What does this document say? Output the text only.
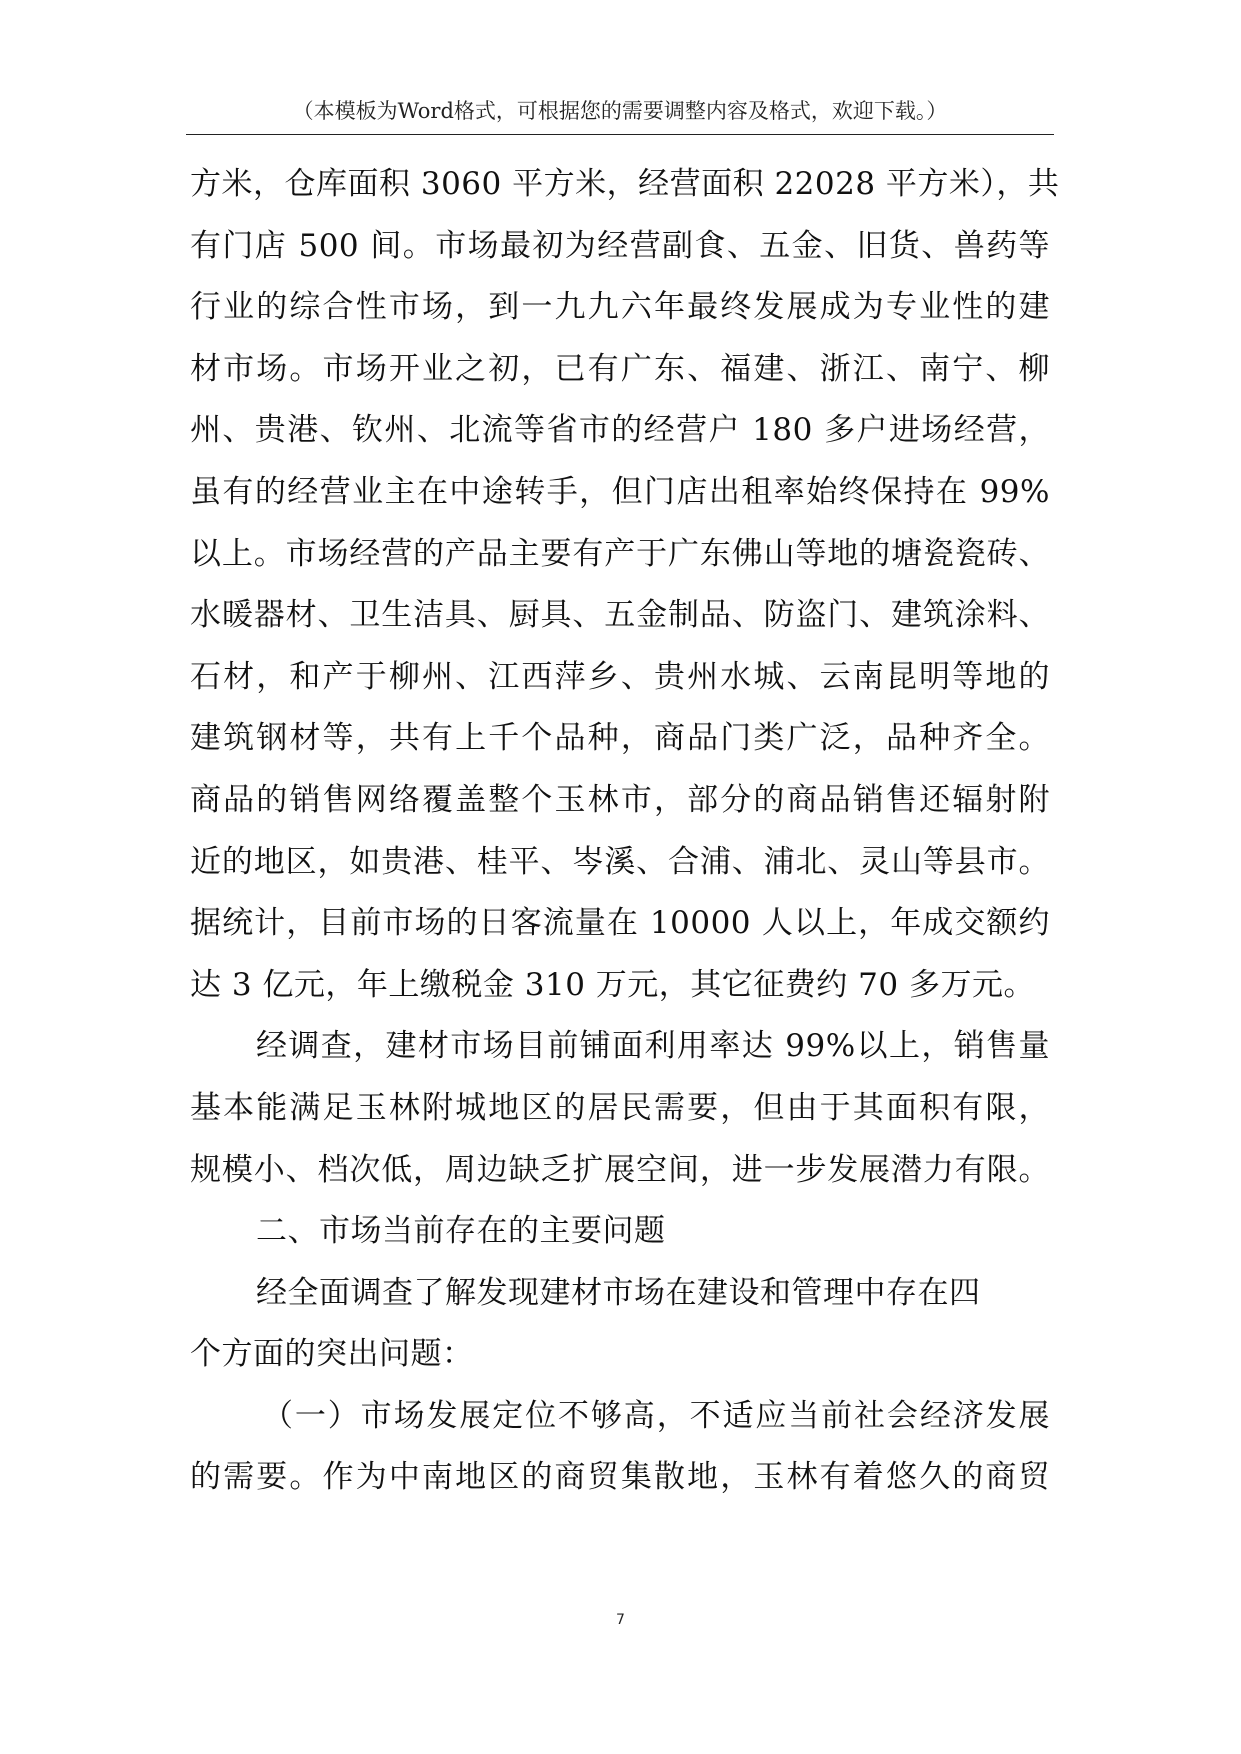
（本模板为Word格式，可根据您的需要调整内容及格式，欢迎下载。）
方米，仓库面积 3060 平方米，经营面积 22028 平方米），共
有门店 500 间。市场最初为经营副食、五金、旧货、兽药等
行业的综合性市场，到一九九六年最终发展成为专业性的建
材市场。市场开业之初，已有广东、福建、浙江、南宁、柳
州、贵港、钦州、北流等省市的经营户 180 多户进场经营，
虽有的经营业主在中途转手，但门店出租率始终保持在 99%
以上。市场经营的产品主要有产于广东佛山等地的塘瓷瓷砖、
水暖器材、卫生洁具、厨具、五金制品、防盗门、建筑涂料、
石材，和产于柳州、江西萍乡、贵州水城、云南昆明等地的
建筑钢材等，共有上千个品种，商品门类广泛，品种齐全。
商品的销售网络覆盖整个玉林市，部分的商品销售还辐射附
近的地区，如贵港、桂平、岑溪、合浦、浦北、灵山等县市。
据统计，目前市场的日客流量在 10000 人以上，年成交额约
达 3 亿元，年上缴税金 310 万元，其它征费约 70 多万元。
经调查，建材市场目前铺面利用率达 99%以上，销售量
基本能满足玉林附城地区的居民需要，但由于其面积有限，
规模小、档次低，周边缺乏扩展空间，进一步发展潜力有限。
二、市场当前存在的主要问题
经全面调查了解发现建材市场在建设和管理中存在四
个方面的突出问题：
（一）市场发展定位不够高，不适应当前社会经济发展
的需要。作为中南地区的商贸集散地，玉林有着悠久的商贸
7
